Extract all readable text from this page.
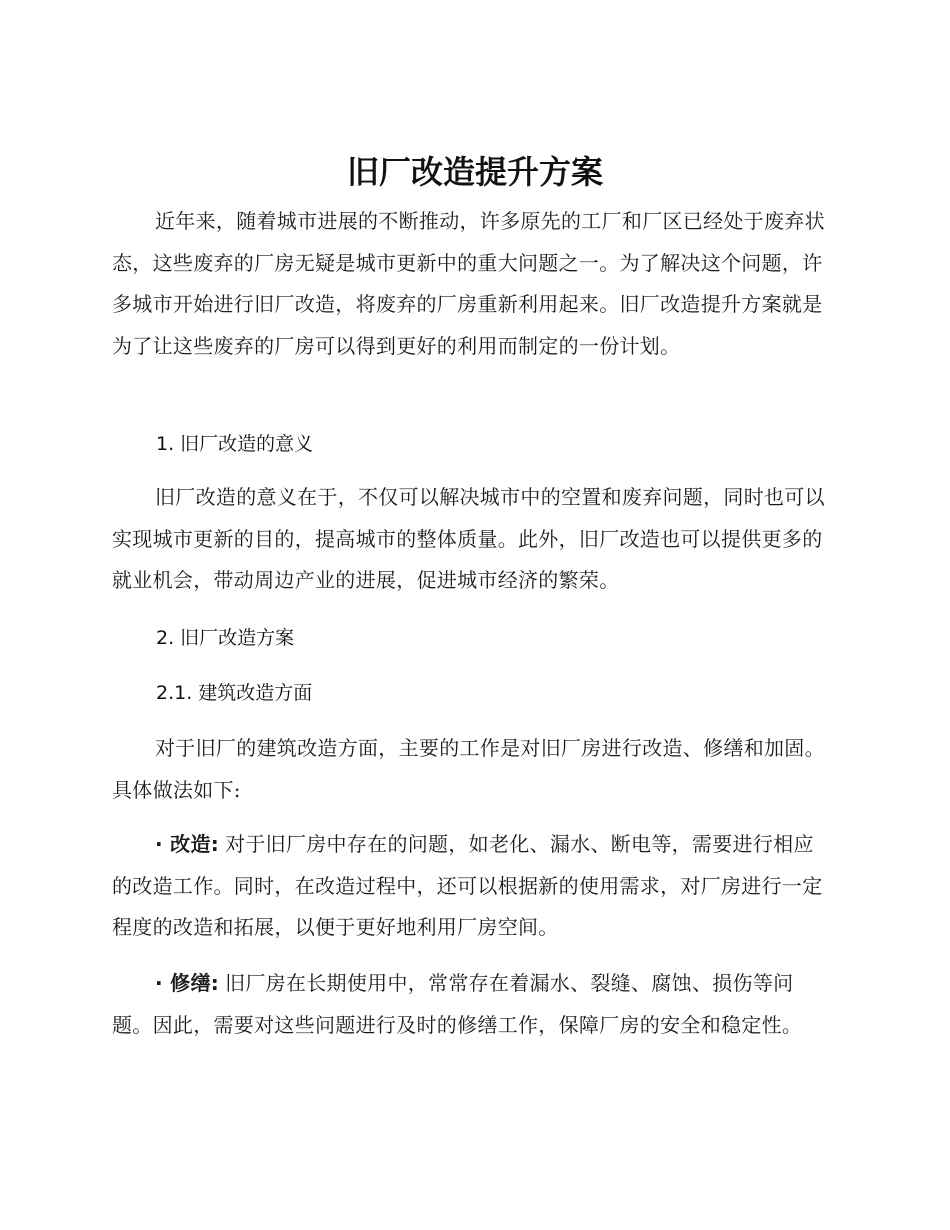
旧厂改造提升方案

近年来，随着城市进展的不断推动，许多原先的工厂和厂区已经处于废弃状态，这些废弃的厂房无疑是城市更新中的重大问题之一。为了解决这个问题，许多城市开始进行旧厂改造，将废弃的厂房重新利用起来。旧厂改造提升方案就是为了让这些废弃的厂房可以得到更好的利用而制定的一份计划。

1. 旧厂改造的意义

旧厂改造的意义在于，不仅可以解决城市中的空置和废弃问题，同时也可以实现城市更新的目的，提高城市的整体质量。此外，旧厂改造也可以提供更多的就业机会，带动周边产业的进展，促进城市经济的繁荣。

2. 旧厂改造方案

2.1. 建筑改造方面

对于旧厂的建筑改造方面，主要的工作是对旧厂房进行改造、修缮和加固。具体做法如下:

· 改造: 对于旧厂房中存在的问题，如老化、漏水、断电等，需要进行相应的改造工作。同时，在改造过程中，还可以根据新的使用需求，对厂房进行一定程度的改造和拓展，以便于更好地利用厂房空间。

· 修缮: 旧厂房在长期使用中，常常存在着漏水、裂缝、腐蚀、损伤等问题。因此，需要对这些问题进行及时的修缮工作，保障厂房的安全和稳定性。
